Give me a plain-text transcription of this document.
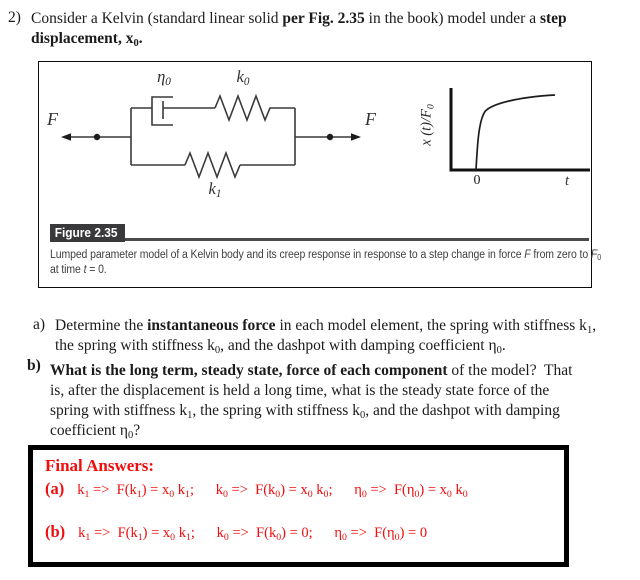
2) Consider a Kelvin (standard linear solid per Fig. 2.35 in the book) model under a step
displacement, $x_0$.
F
$\eta_0$	$k_0$
$k_1$
F	x $(t)/F_0$
0	t
Figure 2.35
Lumped parameter model of a Kelvin body and its creep response in response to a step change in force F from zero to $F_0$
at time t = 0.
a) Determine the instantaneous force in each model element, the spring with stiffness $k_1$,
the spring with stiffness $k_0$, and the dashpot with damping coefficient $\eta_0$.
b) What is the long term, steady state, force of each component of the model?  That
is, after the displacement is held a long time, what is the steady state force of the
spring with stiffness $k_1$, the spring with stiffness $k_0$, and the dashpot with damping
coefficient $\eta_0$?
Final Answers:
(a) $k_1 => F(k_1) = x_0$ $k_1$;      $k_0 => F(k_0) = x_0$ $k_0$;      $\eta_0 => F(\eta_0) = x_0$ $k_0$
(b) $k_1 => F(k_1) = x_0$ $k_1$;      $k_0 => F(k_0) = 0$;      $\eta_0 => F(\eta_0) = 0$
